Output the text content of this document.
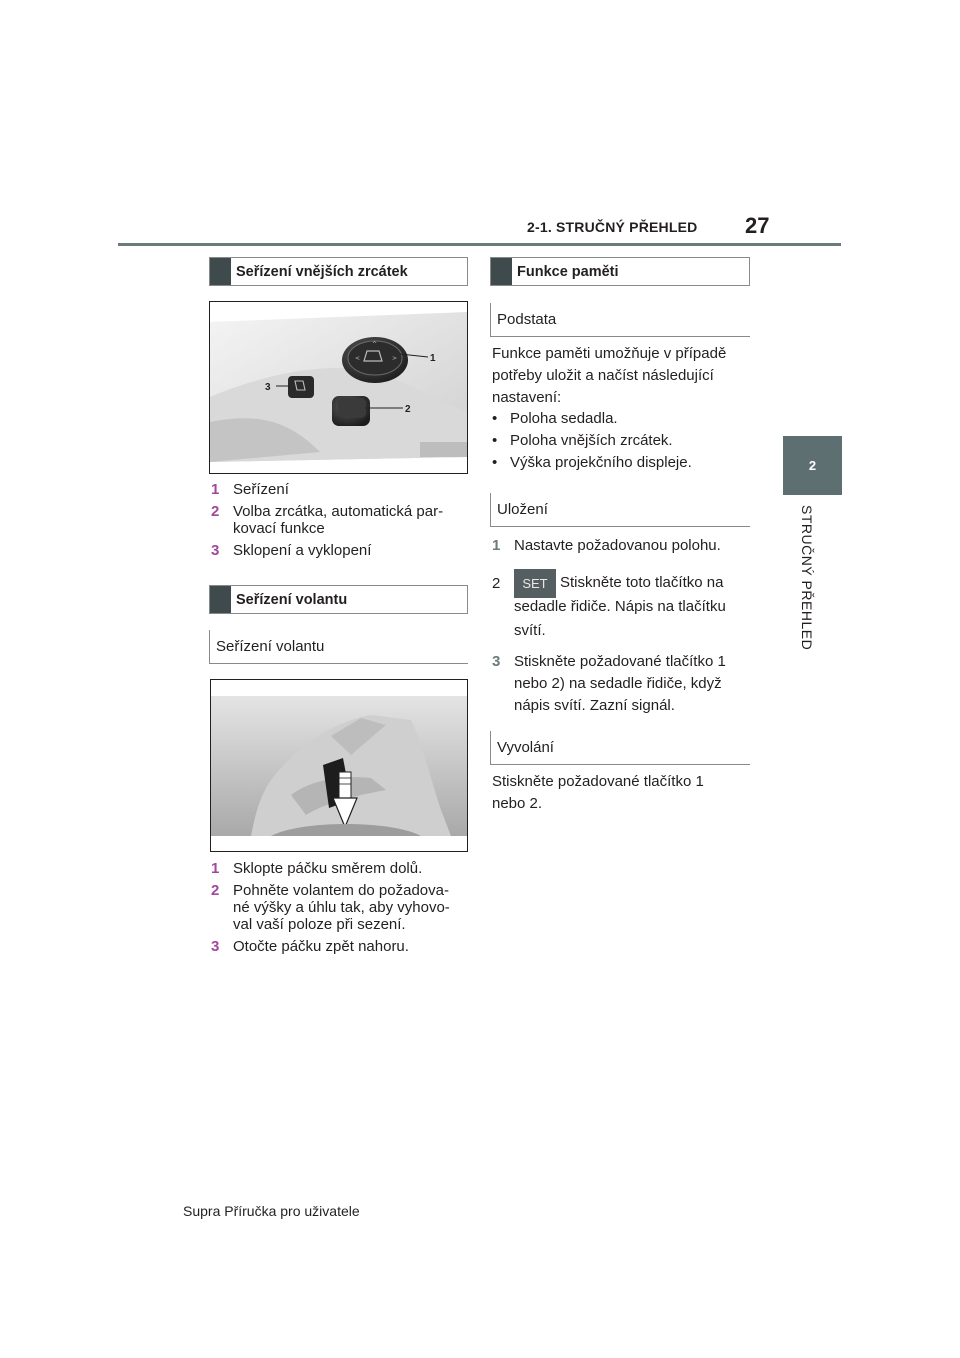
2-1. STRUČNÝ PŘEHLED 27
2
STRUČNÝ PŘEHLED
Seřízení vnějších zrcátek
<	>
^
1
2
3
1 Seřízení
2 Volba zrcátka, automatická par-
kovací funkce
3 Sklopení a vyklopení
Seřízení volantu
Seřízení volantu
1 Sklopte páčku směrem dolů.
2 Pohněte volantem do požadova-
né výšky a úhlu tak, aby vyhovo-
val vaší poloze při sezení.
3 Otočte páčku zpět nahoru.
Funkce paměti
Podstata
Funkce paměti umožňuje v případě
potřeby uložit a načíst následující
nastavení:
• Poloha sedadla.
• Poloha vnějších zrcátek.
• Výška projekčního displeje.
Uložení
1 Nastavte požadovanou polohu.
2	SET Stiskněte toto tlačítko na
sedadle řidiče. Nápis na tlačítku
svítí.
3 Stiskněte požadované tlačítko 1
nebo 2) na sedadle řidiče, když
nápis svítí. Zazní signál.
Vyvolání
Stiskněte požadované tlačítko 1
nebo 2.
Supra Příručka pro uživatele
